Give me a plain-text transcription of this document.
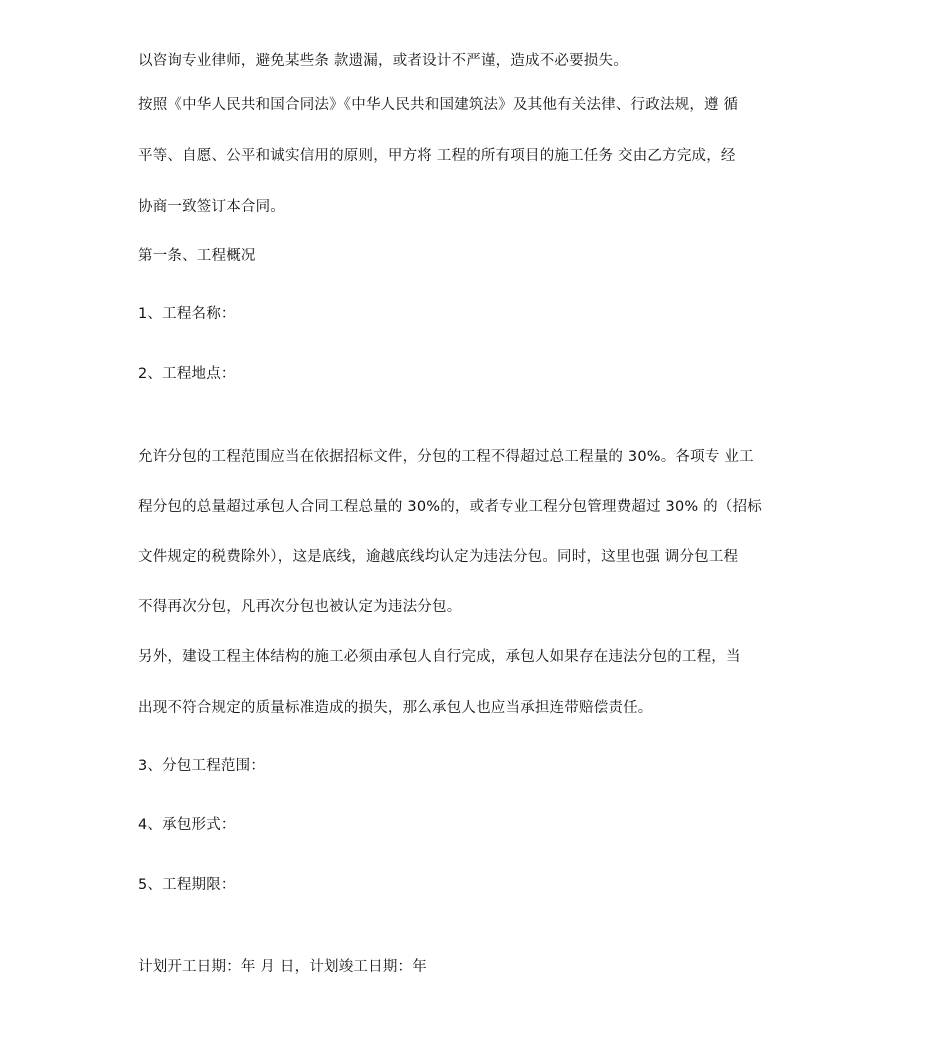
以咨询专业律师，避免某些条 款遗漏，或者设计不严谨，造成不必要损失。
按照《中华人民共和国合同法》《中华人民共和国建筑法》及其他有关法律、行政法规，遵 循
平等、自愿、公平和诚实信用的原则，甲方将 工程的所有项目的施工任务 交由乙方完成，经
协商一致签订本合同。
第一条、工程概况
1、工程名称：
2、工程地点：
允许分包的工程范围应当在依据招标文件，分包的工程不得超过总工程量的 30%。各项专 业工
程分包的总量超过承包人合同工程总量的 30%的，或者专业工程分包管理费超过 30% 的（招标
文件规定的税费除外），这是底线，逾越底线均认定为违法分包。同时，这里也强 调分包工程
不得再次分包，凡再次分包也被认定为违法分包。
另外，建设工程主体结构的施工必须由承包人自行完成，承包人如果存在违法分包的工程，当
出现不符合规定的质量标准造成的损失，那么承包人也应当承担连带赔偿责任。
3、分包工程范围：
4、承包形式：
5、工程期限：
计划开工日期：年 月 日，计划竣工日期：年
